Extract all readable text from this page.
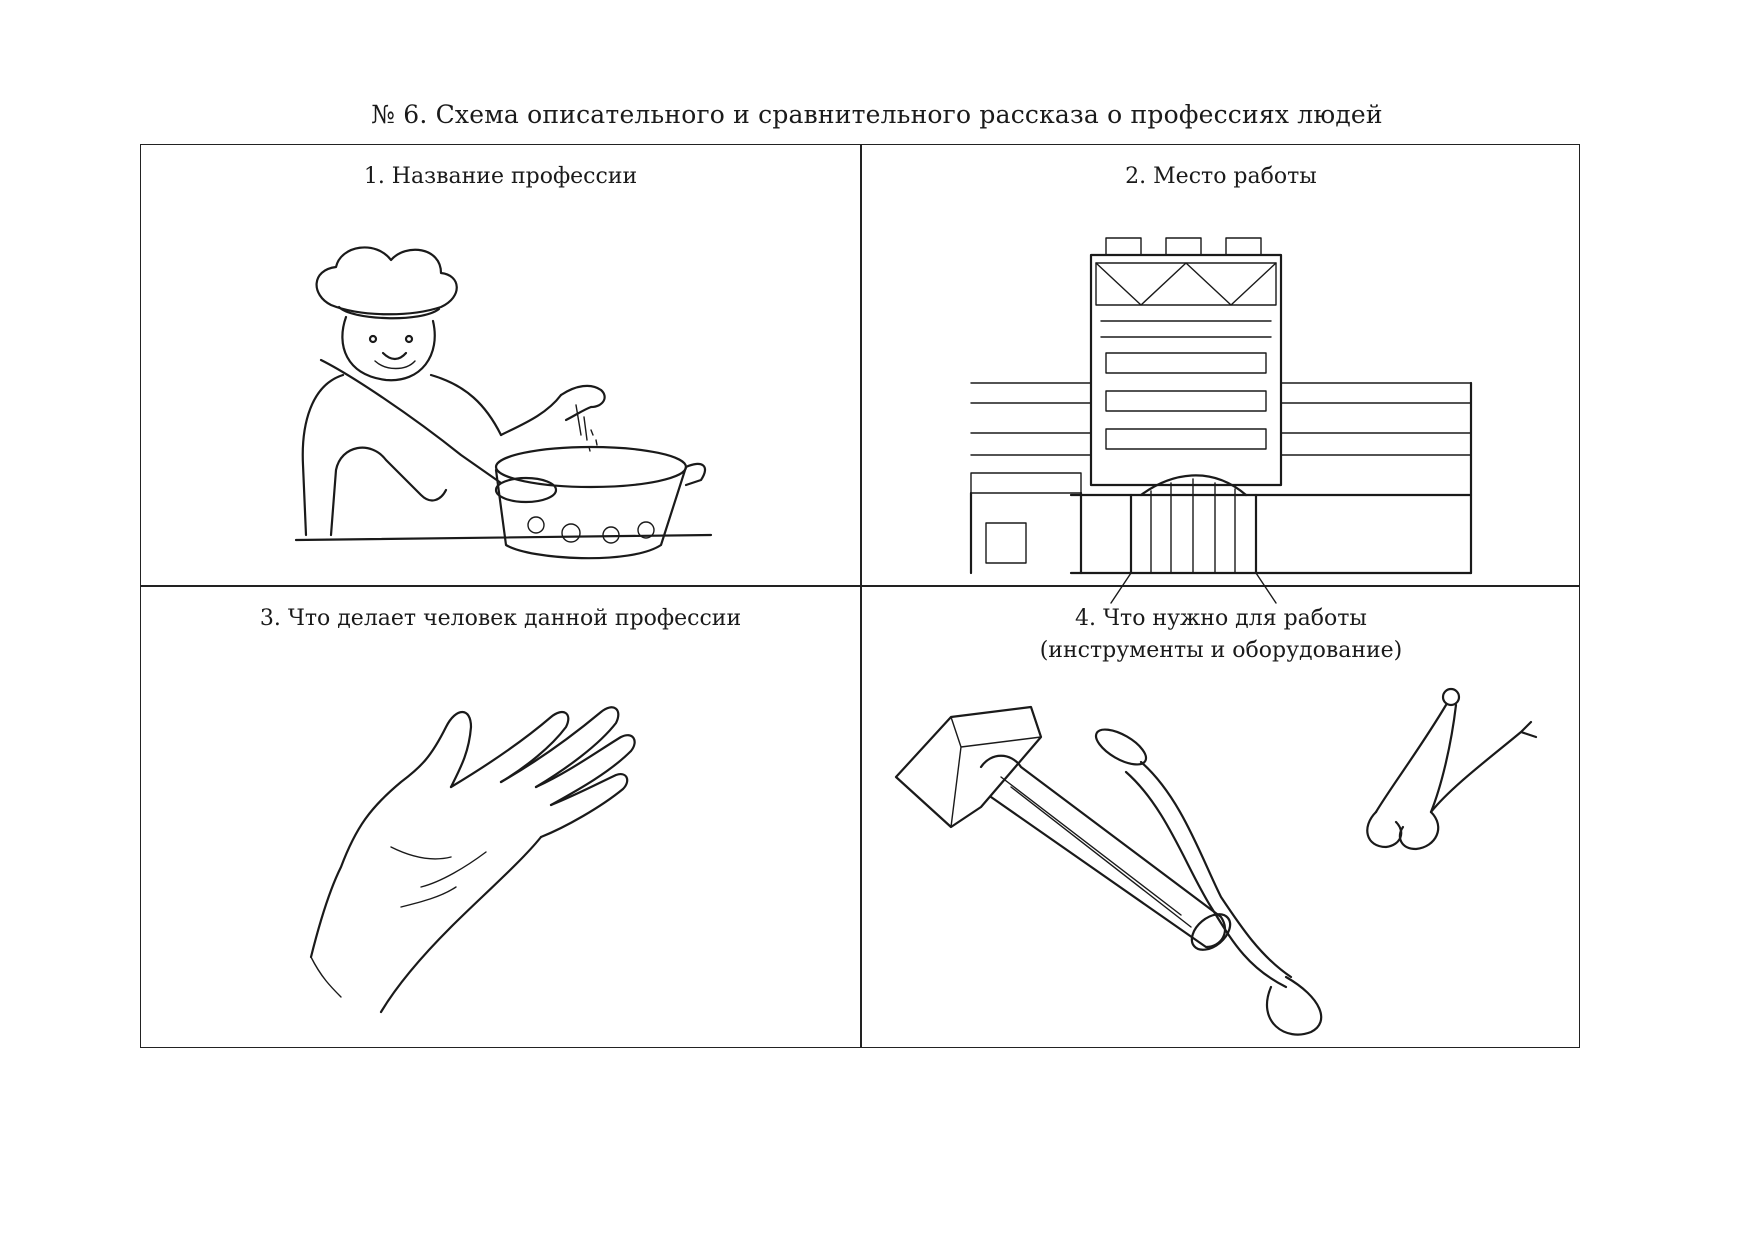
№ 6. Схема описательного и сравнительного рассказа о профессиях людей
1. Название профессии	2. Место работы
3. Что делает человек данной профессии	4. Что нужно для работы
(инструменты и оборудование)
